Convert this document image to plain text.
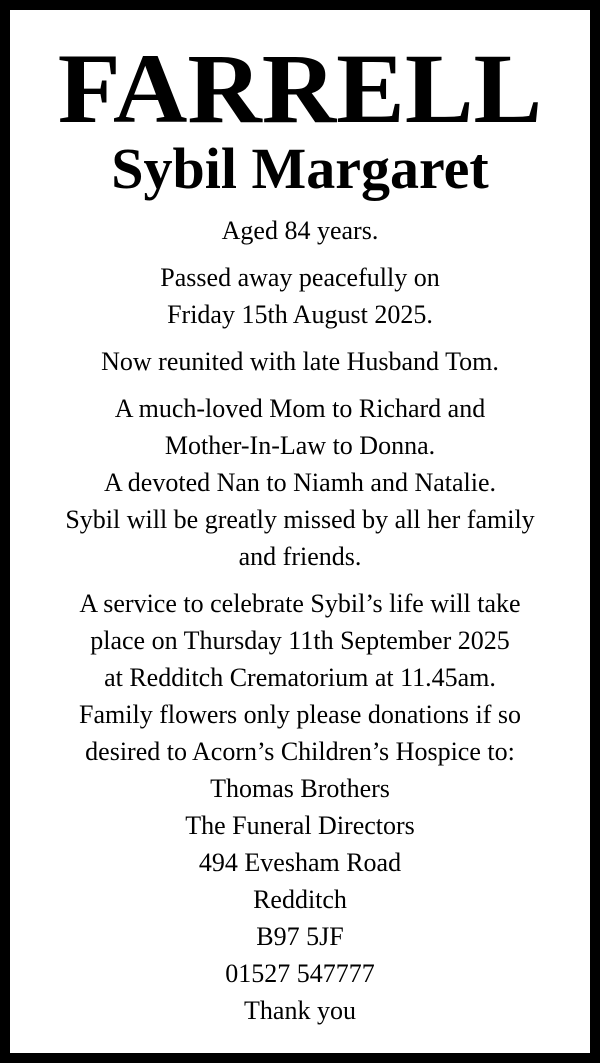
FARRELL
Sybil Margaret

Aged 84 years.

Passed away peacefully on
Friday 15th August 2025.

Now reunited with late Husband Tom.

A much-loved Mom to Richard and
Mother-In-Law to Donna.
A devoted Nan to Niamh and Natalie.
Sybil will be greatly missed by all her family
and friends.

A service to celebrate Sybil’s life will take
place on Thursday 11th September 2025
at Redditch Crematorium at 11.45am.
Family flowers only please donations if so
desired to Acorn’s Children’s Hospice to:
Thomas Brothers
The Funeral Directors
494 Evesham Road
Redditch
B97 5JF
01527 547777
Thank you
